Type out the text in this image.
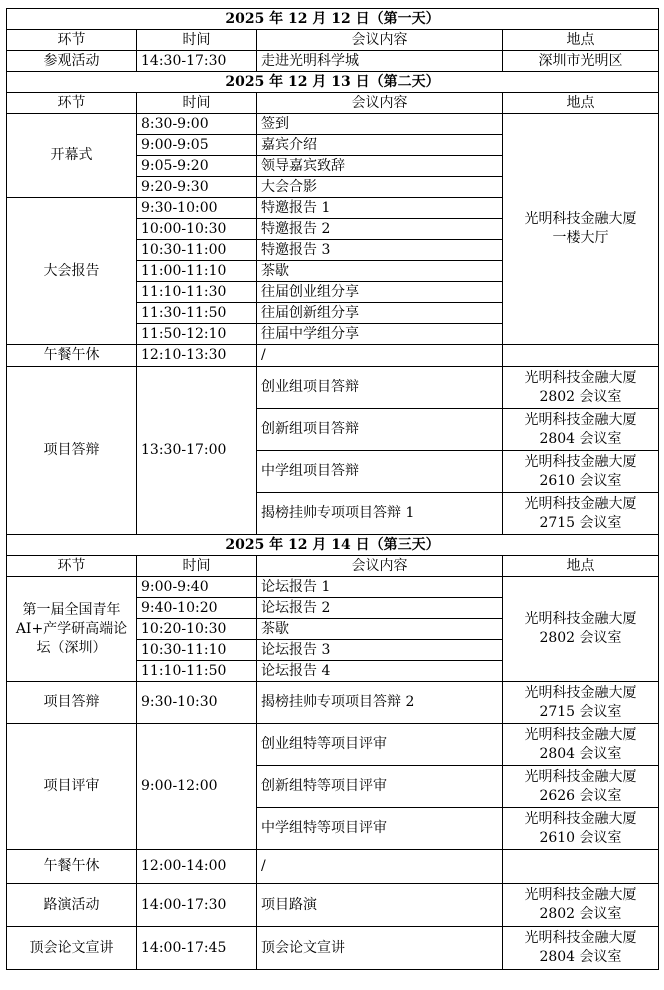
2025 年 12 月 12 日（第一天）			
环节	时间	会议内容	地点
参观活动	14:30-17:30	走进光明科学城	深圳市光明区
2025 年 12 月 13 日（第二天）			
环节	时间	会议内容	地点
开幕式	8:30-9:00	签到	光明科技金融大厦
一楼大厅

	9:00-9:05	嘉宾介绍	
	9:05-9:20	领导嘉宾致辞	
	9:20-9:30	大会合影	
大会报告	9:30-10:00	特邀报告 1	
	10:00-10:30	特邀报告 2	
	10:30-11:00	特邀报告 3	
	11:00-11:10	茶歇	
	11:10-11:30	往届创业组分享	
	11:30-11:50	往届创新组分享	
	11:50-12:10	往届中学组分享	
午餐午休	12:10-13:30	/	
项目答辩	13:30-17:00	创业组项目答辩	光明科技金融大厦
2802 会议室

		创新组项目答辩	光明科技金融大厦
2804 会议室

		中学组项目答辩	光明科技金融大厦
2610 会议室

		揭榜挂帅专项项目答辩 1	光明科技金融大厦
2715 会议室

2025 年 12 月 14 日（第三天）			
环节	时间	会议内容	地点
第一届全国青年AI+产学研高端论坛（深圳）	9:00-9:40	论坛报告 1	光明科技金融大厦
2802 会议室

	9:40-10:20	论坛报告 2	
	10:20-10:30	茶歇	
	10:30-11:10	论坛报告 3	
	11:10-11:50	论坛报告 4	
项目答辩	9:30-10:30	揭榜挂帅专项项目答辩 2	光明科技金融大厦
2715 会议室

项目评审	9:00-12:00	创业组特等项目评审	光明科技金融大厦
2804 会议室

		创新组特等项目评审	光明科技金融大厦
2626 会议室

		中学组特等项目评审	光明科技金融大厦
2610 会议室

午餐午休	12:00-14:00	/	
路演活动	14:00-17:30	项目路演	光明科技金融大厦
2802 会议室

顶会论文宣讲	14:00-17:45	顶会论文宣讲	光明科技金融大厦
2804 会议室
